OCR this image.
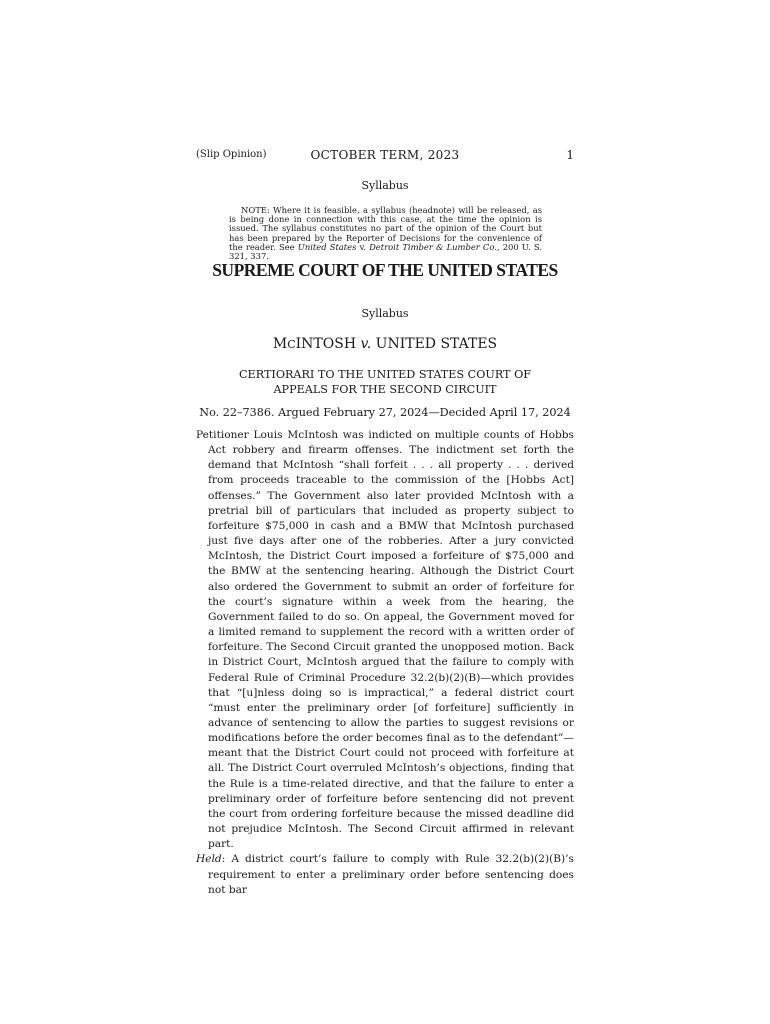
(Slip Opinion)	OCTOBER TERM, 2023	1
Syllabus
NOTE: Where it is feasible, a syllabus (headnote) will be released, as is being done in connection with this case, at the time the opinion is issued. The syllabus constitutes no part of the opinion of the Court but has been prepared by the Reporter of Decisions for the convenience of the reader. See United States v. Detroit Timber & Lumber Co., 200 U. S. 321, 337.
SUPREME COURT OF THE UNITED STATES
Syllabus
MCINTOSH v. UNITED STATES
CERTIORARI TO THE UNITED STATES COURT OF APPEALS FOR THE SECOND CIRCUIT
No. 22–7386. Argued February 27, 2024—Decided April 17, 2024

Petitioner Louis McIntosh was indicted on multiple counts of Hobbs Act robbery and firearm offenses. The indictment set forth the demand that McIntosh “shall forfeit . . . all property . . . derived from proceeds traceable to the commission of the [Hobbs Act] offenses.” The Government also later provided McIntosh with a pretrial bill of particulars that included as property subject to forfeiture $75,000 in cash and a BMW that McIntosh purchased just five days after one of the robberies. After a jury convicted McIntosh, the District Court imposed a forfeiture of $75,000 and the BMW at the sentencing hearing. Although the District Court also ordered the Government to submit an order of forfeiture for the court’s signature within a week from the hearing, the Government failed to do so. On appeal, the Government moved for a limited remand to supplement the record with a written order of forfeiture. The Second Circuit granted the unopposed motion. Back in District Court, McIntosh argued that the failure to comply with Federal Rule of Criminal Procedure 32.2(b)(2)(B)—which provides that “[u]nless doing so is impractical,” a federal district court “must enter the preliminary order [of forfeiture] sufficiently in advance of sentencing to allow the parties to suggest revisions or modifications before the order becomes final as to the defendant”—meant that the District Court could not proceed with forfeiture at all. The District Court overruled McIntosh’s objections, finding that the Rule is a time-related directive, and that the failure to enter a preliminary order of forfeiture before sentencing did not prevent the court from ordering forfeiture because the missed deadline did not prejudice McIntosh. The Second Circuit affirmed in relevant part.

Held: A district court’s failure to comply with Rule 32.2(b)(2)(B)’s requirement to enter a preliminary order before sentencing does not bar
